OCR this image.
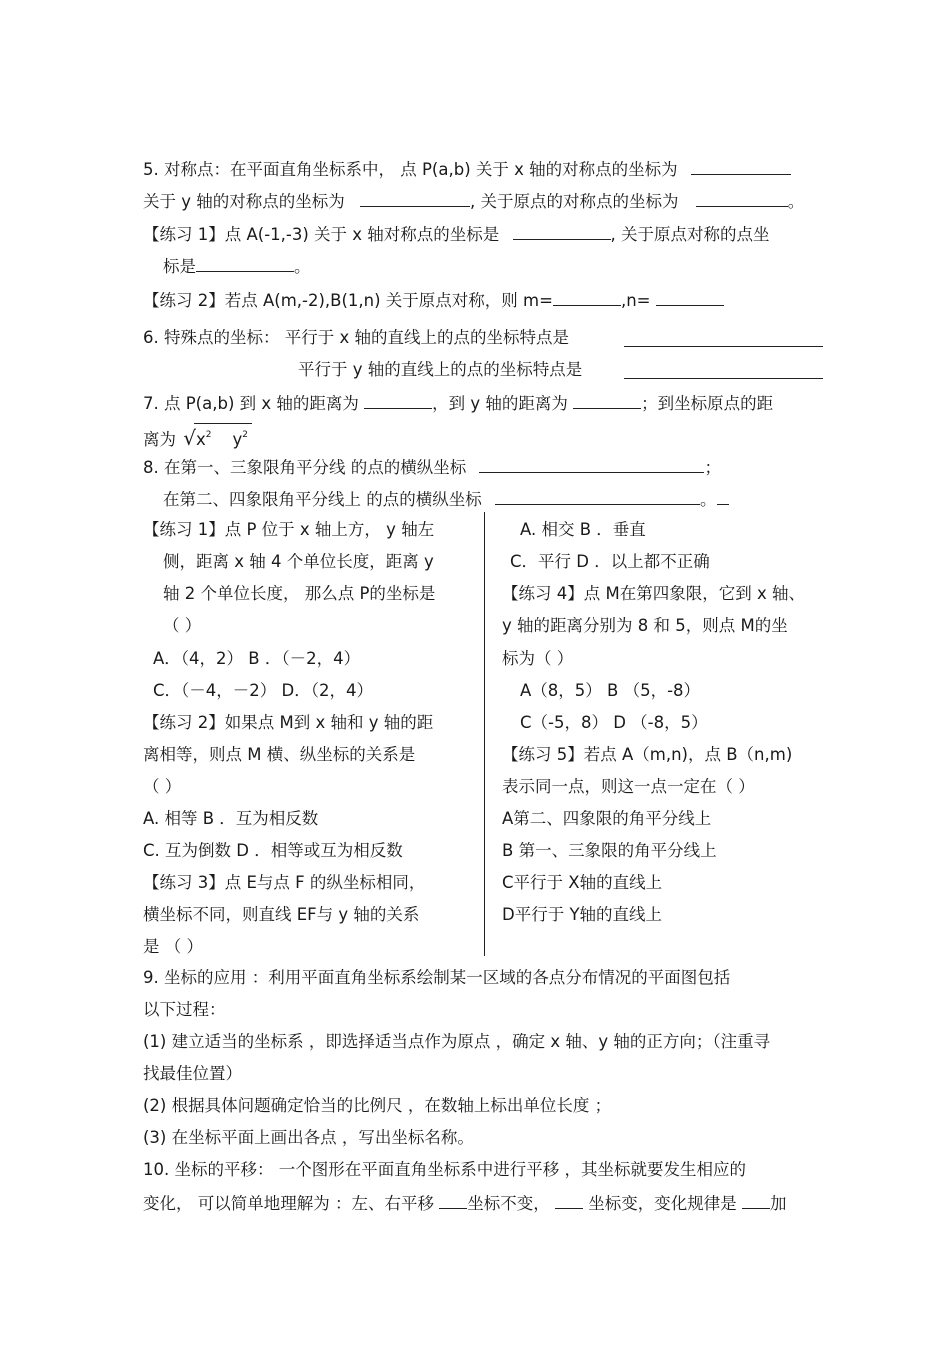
5. 对称点：在平面直角坐标系中， 点 P(a,b) 关于 x 轴的对称点的坐标为
关于 y 轴的对称点的坐标为	, 关于原点的对称点的坐标为	。
【练习 1】点 A(-1,-3) 关于 x 轴对称点的坐标是	, 关于原点对称的点坐
标是	。
【练习 2】若点 A(m,-2),B(1,n) 关于原点对称，则 m=	,n=
6. 特殊点的坐标： 平行于 x 轴的直线上的点的坐标特点是
平行于 y 轴的直线上的点的坐标特点是
7. 点 P(a,b) 到 x 轴的距离为	，到 y 轴的距离为	；到坐标原点的距
离为 $√x^2$ $y^2$
8. 在第一、三象限角平分线 的点的横纵坐标	；
在第二、四象限角平分线上 的点的横纵坐标	。
【练习 1】点 P 位于 x 轴上方， y 轴左
侧，距离 x 轴 4 个单位长度，距离 y
轴 2 个单位长度， 那么点 P的坐标是
（ ）
A．（4，2） B ．（－2，4）
C．（－4，－2） D．（2，4）
【练习 2】如果点 M到 x 轴和 y 轴的距
离相等，则点 M 横、纵坐标的关系是
（ ）
A. 相等 B ．互为相反数
C. 互为倒数 D ．相等或互为相反数
【练习 3】点 E与点 F 的纵坐标相同，
横坐标不同，则直线 EF与 y 轴的关系
是 （ ）
A. 相交 B ．垂直
C．平行 D ．以上都不正确
【练习 4】点 M在第四象限，它到 x 轴、
y 轴的距离分别为 8 和 5，则点 M的坐
标为（ ）
A（8，5） B （5，-8）
C（-5，8） D （-8，5）
【练习 5】若点 A（m,n)，点 B（n,m)
表示同一点，则这一点一定在（ ）
A第二、四象限的角平分线上
B 第一、三象限的角平分线上
C平行于 X轴的直线上
D平行于 Y轴的直线上
9. 坐标的应用 ：利用平面直角坐标系绘制某一区域的各点分布情况的平面图包括
以下过程：
(1) 建立适当的坐标系 ，即选择适当点作为原点 ，确定 x 轴、y 轴的正方向；（注重寻
找最佳位置）
(2) 根据具体问题确定恰当的比例尺 ，在数轴上标出单位长度 ；
(3) 在坐标平面上画出各点 ，写出坐标名称。
10. 坐标的平移： 一个图形在平面直角坐标系中进行平移 ，其坐标就要发生相应的
变化， 可以简单地理解为 ：左、右平移 坐标不变， 坐标变，变化规律是 加
